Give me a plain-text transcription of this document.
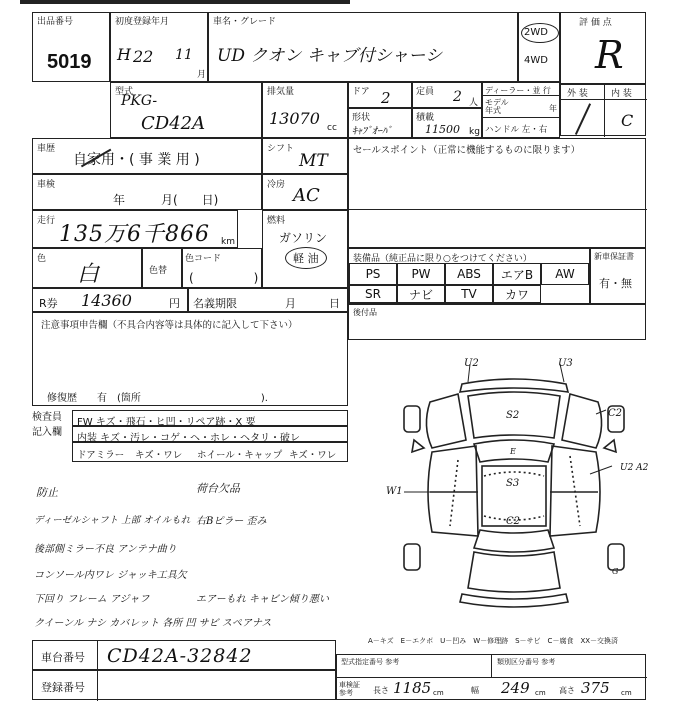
出品番号
5019
初度登録年月
H 22 11
月
車名・グレード
UD クオン キャブ付シャーシ
2WD
4WD
評 価 点
R
外 装	内 装
C
型式
PKG-
CD42A
排気量
13070 cc
ドア 2	定員 2 人
ディーラー・並 行
モデル 年式	年
ハンドル 左・右
形状
ｷｬﾌﾞｵｰﾊﾞ
積載
11500 kg
車歴
自家用・( 事 業 用 )
シフト
MT
車検
年　　　月(　　日)
冷房 AC
走行
135万6千866 km
燃料
ガソリン
軽 油
色
白	色替
色コード
(　　　　　)
R券 14360	円 名義期限	月　　　日
セールスポイント（正常に機能するものに限ります）
装備品（純正品に限り○をつけてください）
PS	PW	ABS	エアB	AW
SR	ナビ	TV	カワ
新車保証書
有・無
後付品
注意事項申告欄（不具合内容等は具体的に記入して下さい）
修復歴　　有　(箇所　　　　　　　　　　　　).
検査員
記入欄
FW キズ・飛石・ヒ凹・リペア跡・X 要
内装 キズ・汚レ・コゲ・ヘ・ホレ・ヘタリ・破レ
ドアミラー キズ・ワレ ホイール・キャップ キズ・ワレ
防止	荷台欠品
ディーゼルシャフト 上部 オイルもれ 右Bピラー 歪み
後部側ミラー不良 アンテナ曲り
コンソール内ワレ ジャッキ工具欠
下回り フレーム アジャフ	エアーもれ キャビン傾り悪い
クイーンル ナシ カバレット 各所 凹 サビ スペアナス
U2	U3
S2	C2
U2 A2
W1
S3
C2
E
G
A－キズ　E－エクボ　U－凹み　W－修理跡　S－サビ　C－腐食　XX－交換済
車台番号 CD42A-32842
登録番号
型式指定番号 参考	類別区分番号 参考
車検証 参考	長さ 1185 cm	幅 249 cm 高さ 375 cm
